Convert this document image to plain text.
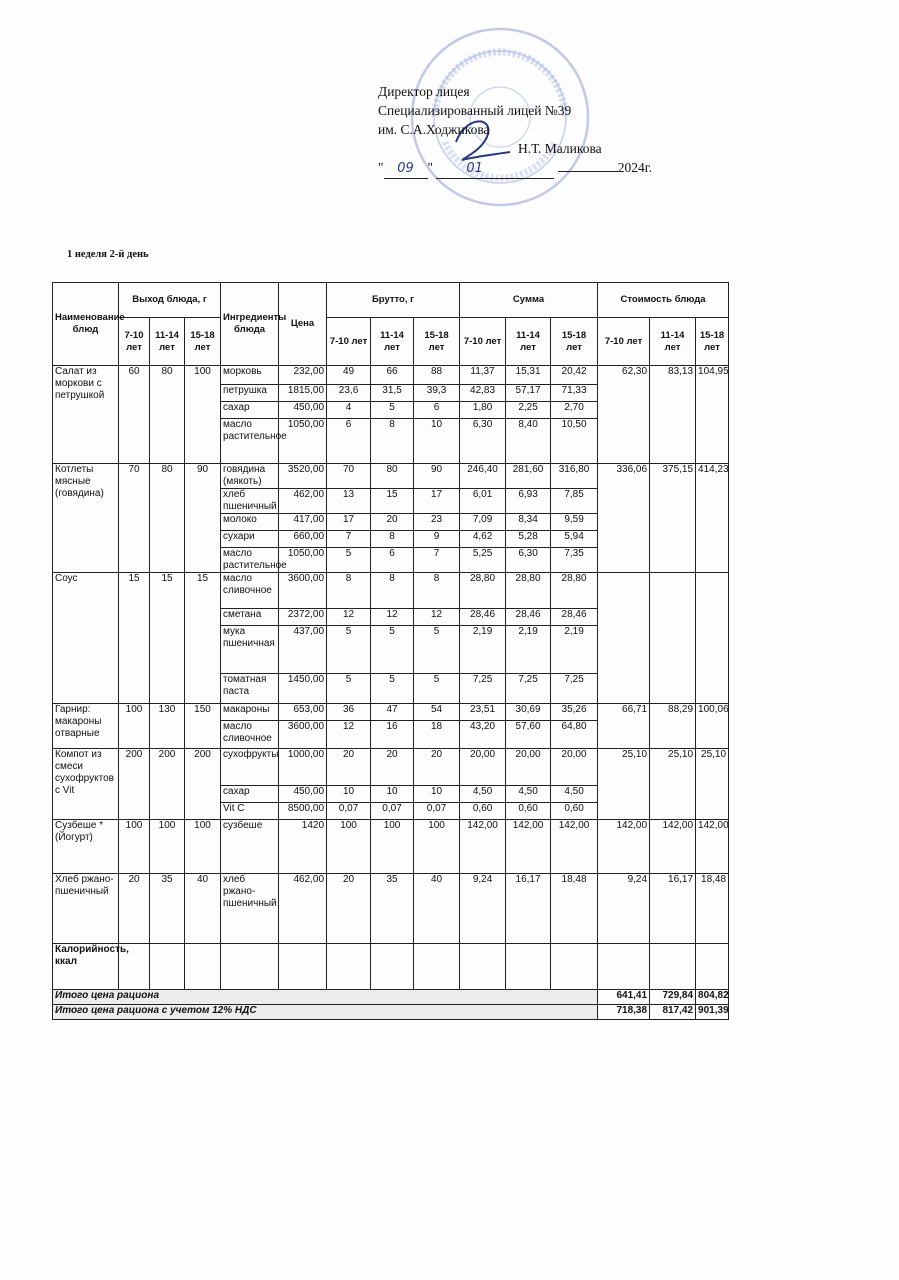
Директор лицея
Специализированный лицей №39
им. С.А.Ходжикова
Н.Т. Маликова
" 09 "	01	2024г.
1 неделя 2-й день
Наименование блюд	Выход блюда, г			Ингредиенты блюда	Цена	Брутто, г			Сумма			Стоимость блюда		
	7-10 лет	11-14 лет	15-18 лет			7-10 лет	11-14 лет	15-18 лет	7-10 лет	11-14 лет	15-18 лет	7-10 лет	11-14 лет	15-18 лет
Салат из моркови с петрушкой	60	80	100	морковь	232,00	49	66	88	11,37	15,31	20,42	62,30	83,13	104,95
				петрушка	1815,00	23,6	31,5	39,3	42,83	57,17	71,33			
				сахар	450,00	4	5	6	1,80	2,25	2,70			
				масло растительное	1050,00	6	8	10	6,30	8,40	10,50			
Котлеты мясные (говядина)	70	80	90	говядина (мякоть)	3520,00	70	80	90	246,40	281,60	316,80	336,06	375,15	414,23
				хлеб пшеничный	462,00	13	15	17	6,01	6,93	7,85			
				молоко	417,00	17	20	23	7,09	8,34	9,59			
				сухари	660,00	7	8	9	4,62	5,28	5,94			
				масло растительное	1050,00	5	6	7	5,25	6,30	7,35			
Соус	15	15	15	масло сливочное	3600,00	8	8	8	28,80	28,80	28,80			
				сметана	2372,00	12	12	12	28,46	28,46	28,46			
				мука пшеничная	437,00	5	5	5	2,19	2,19	2,19			
				томатная паста	1450,00	5	5	5	7,25	7,25	7,25			
Гарнир: макароны отварные	100	130	150	макароны	653,00	36	47	54	23,51	30,69	35,26	66,71	88,29	100,06
				масло сливочное	3600,00	12	16	18	43,20	57,60	64,80			
Компот из смеси сухофруктов с Vit	200	200	200	сухофрукты	1000,00	20	20	20	20,00	20,00	20,00	25,10	25,10	25,10
				сахар	450,00	10	10	10	4,50	4,50	4,50			
				Vit C	8500,00	0,07	0,07	0,07	0,60	0,60	0,60			
Сузбеше *(Йогурт)	100	100	100	сузбеше	1420	100	100	100	142,00	142,00	142,00	142,00	142,00	142,00
Хлеб ржано-пшеничный	20	35	40	хлеб ржано-пшеничный	462,00	20	35	40	9,24	16,17	18,48	9,24	16,17	18,48
Калорийность, ккал														
Итого цена рациона												641,41	729,84	804,82
Итого цена рациона с учетом 12% НДС												718,38	817,42	901,39
